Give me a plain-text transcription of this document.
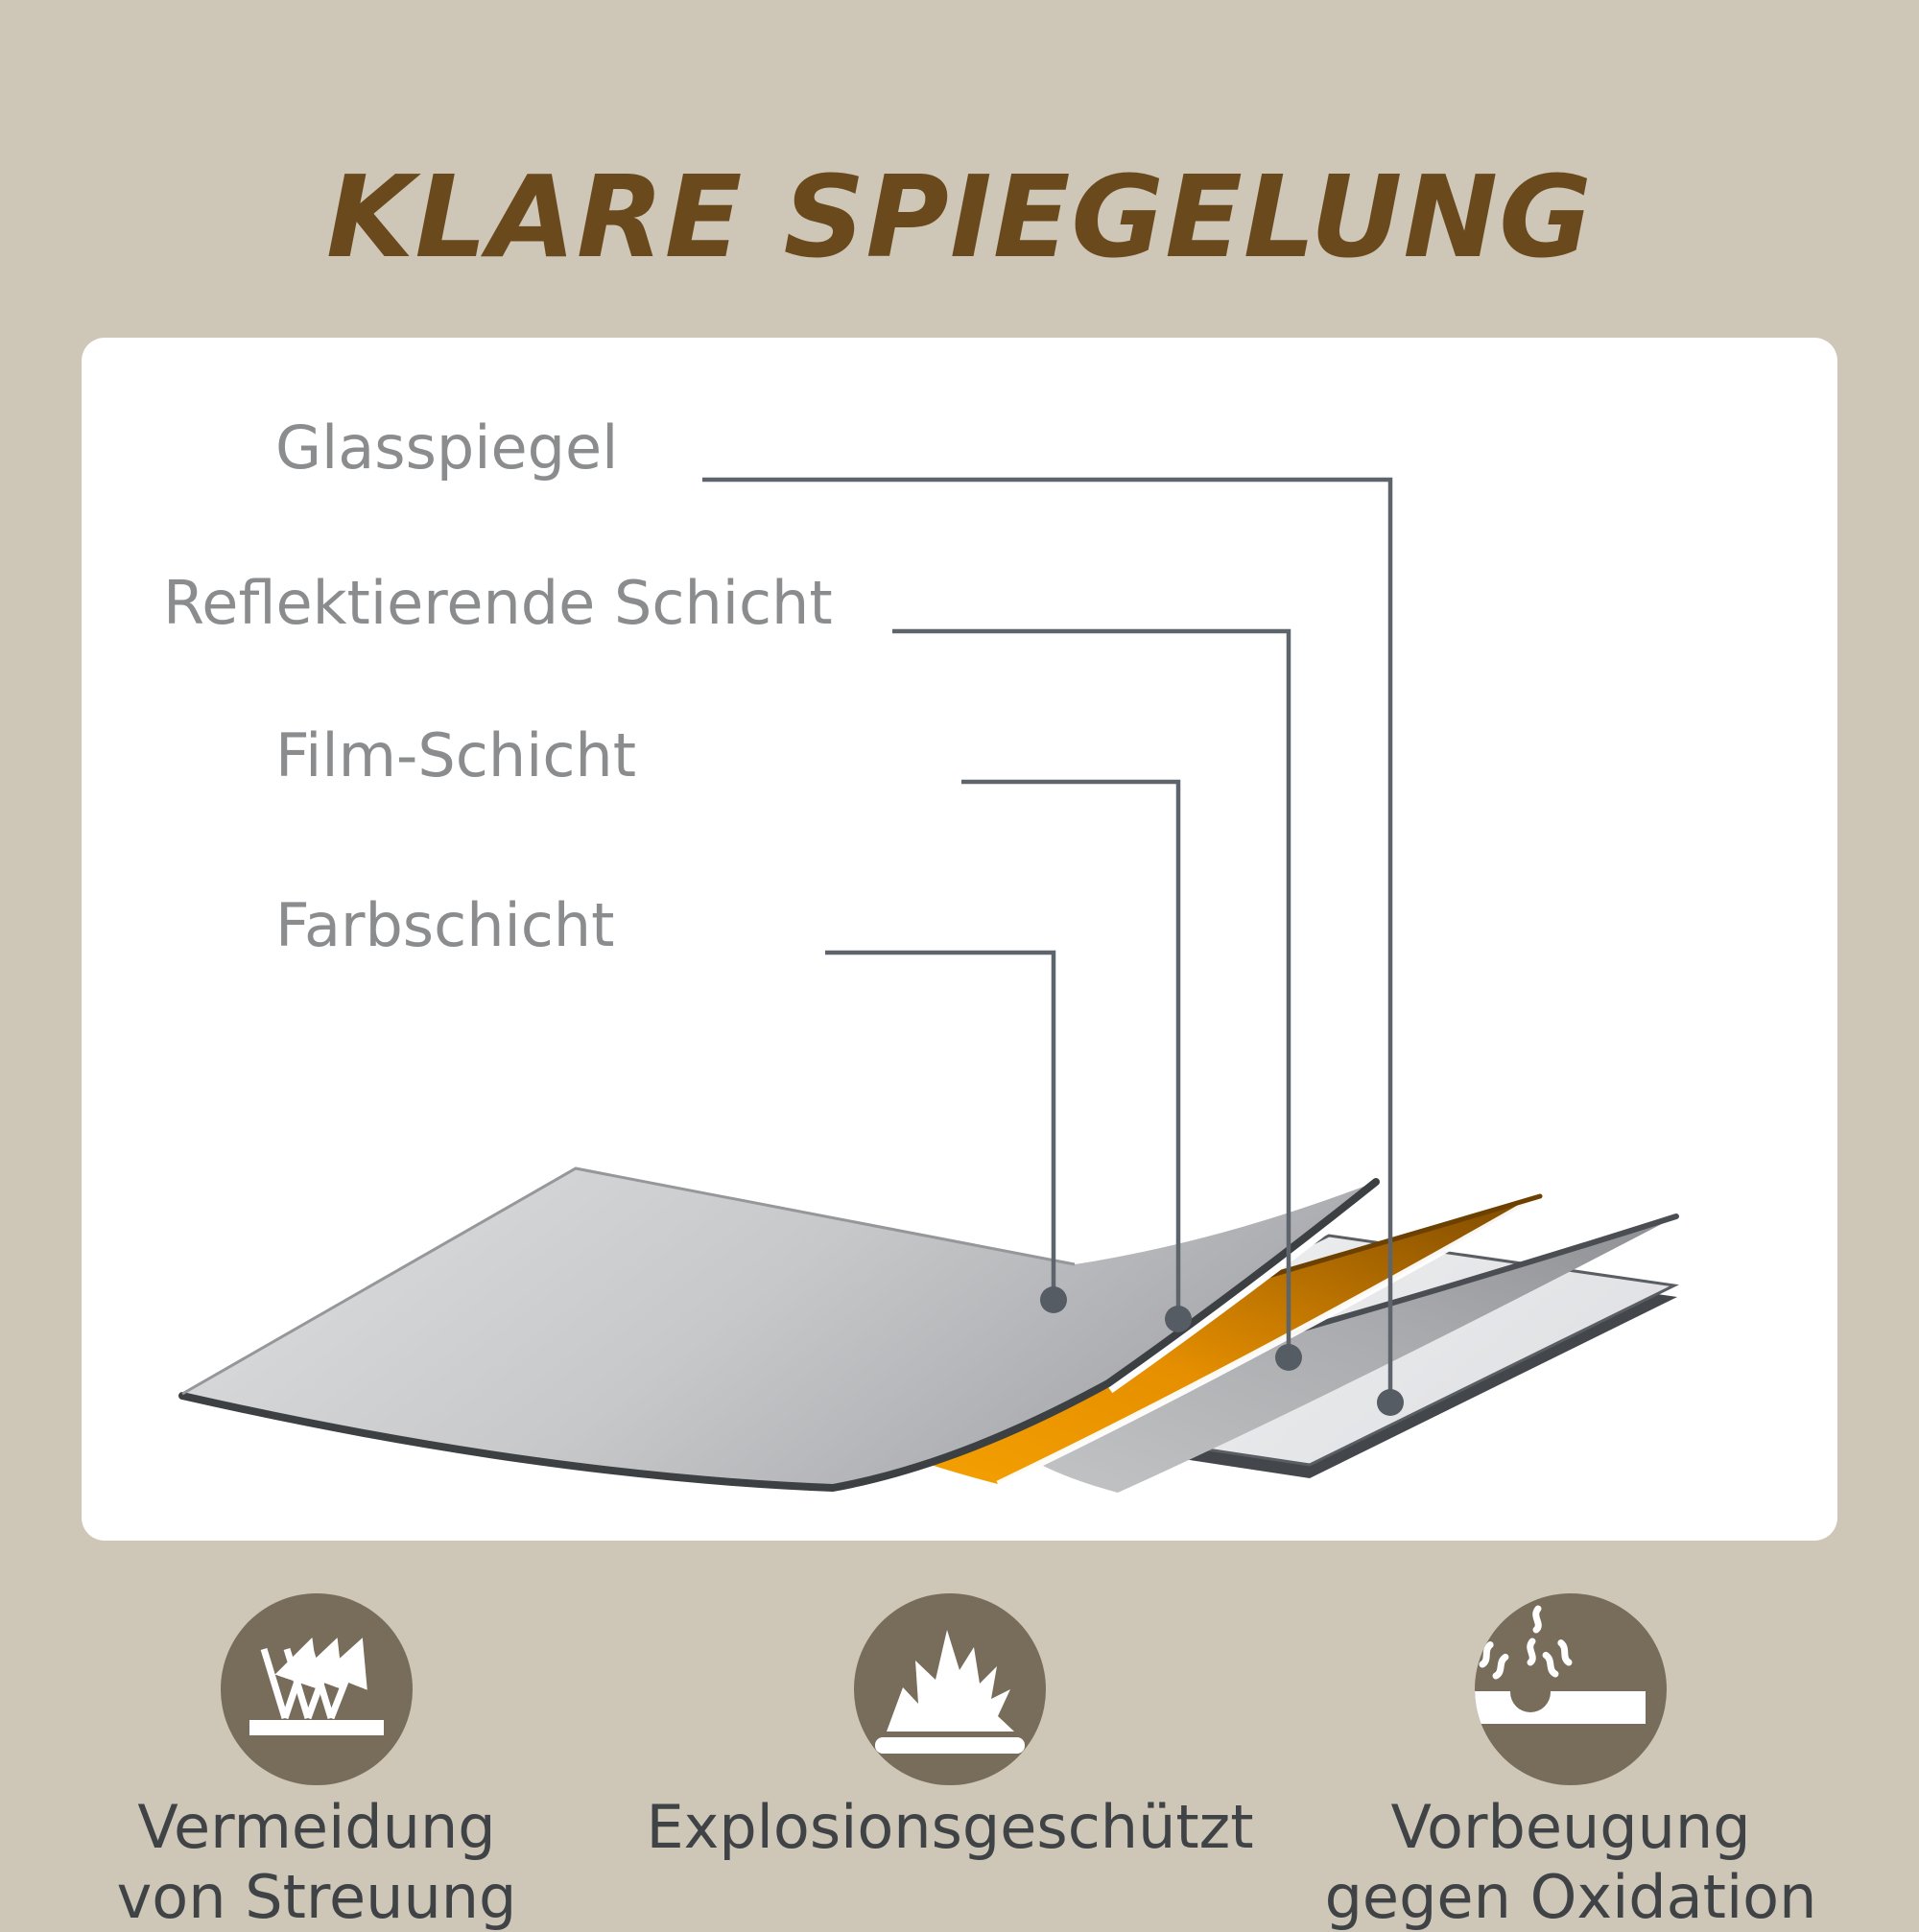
KLARE SPIEGELUNG
Glasspiegel
Reflektierende Schicht
Film-Schicht
Farbschicht
Vermeidung
von Streuung
Explosionsgeschützt	Vorbeugung
gegen Oxidation
